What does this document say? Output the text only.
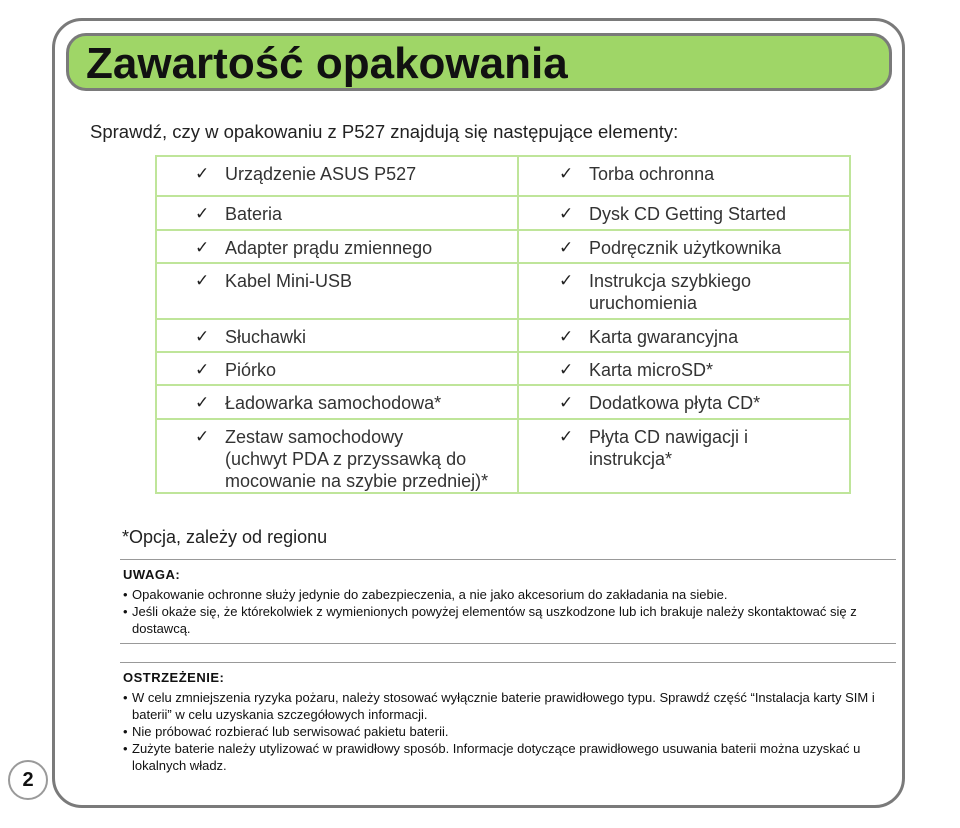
Zawartość opakowania
Sprawdź, czy w opakowaniu z P527 znajdują się następujące elementy:
✓ Urządzenie ASUS P527	✓ Torba ochronna

✓ Bateria	✓ Dysk CD Getting Started

✓ Adapter prądu zmiennego	✓ Podręcznik użytkownika

✓ Kabel Mini-USB	✓ Instrukcja szybkiego
uruchomienia

✓ Słuchawki	✓ Karta gwarancyjna

✓ Piórko	✓ Karta microSD*

✓ Ładowarka samochodowa*	✓ Dodatkowa płyta CD*

✓ Zestaw samochodowy
(uchwyt PDA z przyssawką do
mocowanie na szybie przedniej)*	✓ Płyta CD nawigacji i
instrukcja*
*Opcja, zależy od regionu
UWAGA:
• Opakowanie ochronne służy jedynie do zabezpieczenia, a nie jako akcesorium do zakładania na siebie.
• Jeśli okaże się, że którekolwiek z wymienionych powyżej elementów są uszkodzone lub ich brakuje należy skontaktować się z dostawcą.
OSTRZEŻENIE:
• W celu zmniejszenia ryzyka pożaru, należy stosować wyłącznie baterie prawidłowego typu. Sprawdź część “Instalacja karty SIM i baterii” w celu uzyskania szczegółowych informacji.
• Nie próbować rozbierać lub serwisować pakietu baterii.
• Zużyte baterie należy utylizować w prawidłowy sposób. Informacje dotyczące prawidłowego usuwania baterii można uzyskać u lokalnych władz.
2
